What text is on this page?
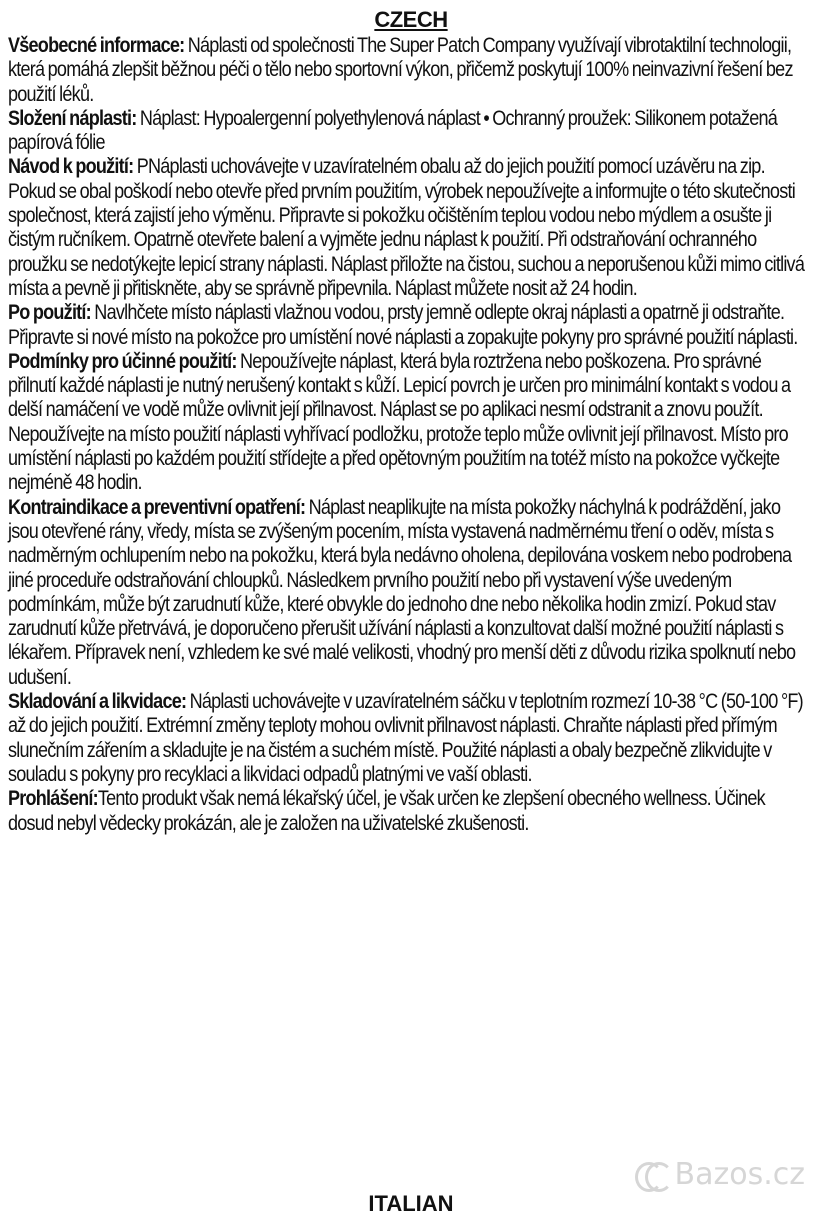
CZECH

Všeobecné informace: Náplasti od společnosti The Super Patch Company využívají vibrotaktilní technologii, která pomáhá zlepšit běžnou péči o tělo nebo sportovní výkon, přičemž poskytují 100% neinvazivní řešení bez použití léků.

Složení náplasti: Náplast: Hypoalergenní polyethylenová náplast • Ochranný proužek: Silikonem potažená papírová fólie

Návod k použití: PNáplasti uchovávejte v uzavíratelném obalu až do jejich použití pomocí uzávěru na zip. Pokud se obal poškodí nebo otevře před prvním použitím, výrobek nepoužívejte a informujte o této skutečnosti společnost, která zajistí jeho výměnu. Připravte si pokožku očištěním teplou vodou nebo mýdlem a osušte ji čistým ručníkem. Opatrně otevřete balení a vyjměte jednu náplast k použití. Při odstraňování ochranného proužku se nedotýkejte lepicí strany náplasti. Náplast přiložte na čistou, suchou a neporušenou kůži mimo citlivá místa a pevně ji přitiskněte, aby se správně připevnila. Náplast můžete nosit až 24 hodin.

Po použití: Navlhčete místo náplasti vlažnou vodou, prsty jemně odlepte okraj náplasti a opatrně ji odstraňte. Připravte si nové místo na pokožce pro umístění nové náplasti a zopakujte pokyny pro správné použití náplasti.

Podmínky pro účinné použití: Nepoužívejte náplast, která byla roztržena nebo poškozena. Pro správné přilnutí každé náplasti je nutný nerušený kontakt s kůží. Lepicí povrch je určen pro minimální kontakt s vodou a delší namáčení ve vodě může ovlivnit její přilnavost. Náplast se po aplikaci nesmí odstranit a znovu použít. Nepoužívejte na místo použití náplasti vyhřívací podložku, protože teplo může ovlivnit její přilnavost. Místo pro umístění náplasti po každém použití střídejte a před opětovným použitím na totéž místo na pokožce vyčkejte nejméně 48 hodin.

Kontraindikace a preventivní opatření: Náplast neaplikujte na místa pokožky náchylná k podráždění, jako jsou otevřené rány, vředy, místa se zvýšeným pocením, místa vystavená nadměrnému tření o oděv, místa s nadměrným ochlupením nebo na pokožku, která byla nedávno oholena, depilována voskem nebo podrobena jiné proceduře odstraňování chloupků. Následkem prvního použití nebo při vystavení výše uvedeným podmínkám, může být zarudnutí kůže, které obvykle do jednoho dne nebo několika hodin zmizí. Pokud stav zarudnutí kůže přetrvává, je doporučeno přerušit užívání náplasti a konzultovat další možné použití náplasti s lékařem. Přípravek není, vzhledem ke své malé velikosti, vhodný pro menší děti z důvodu rizika spolknutí nebo udušení.

Skladování a likvidace: Náplasti uchovávejte v uzavíratelném sáčku v teplotním rozmezí 10-38 °C (50-100 °F) až do jejich použití. Extrémní změny teploty mohou ovlivnit přilnavost náplasti. Chraňte náplasti před přímým slunečním zářením a skladujte je na čistém a suchém místě. Použité náplasti a obaly bezpečně zlikvidujte v souladu s pokyny pro recyklaci a likvidaci odpadů platnými ve vaší oblasti.

Prohlášení:Tento produkt však nemá lékařský účel, je však určen ke zlepšení obecného wellness. Účinek dosud nebyl vědecky prokázán, ale je založen na uživatelské zkušenosti.

ITALIAN
Bazos.cz
